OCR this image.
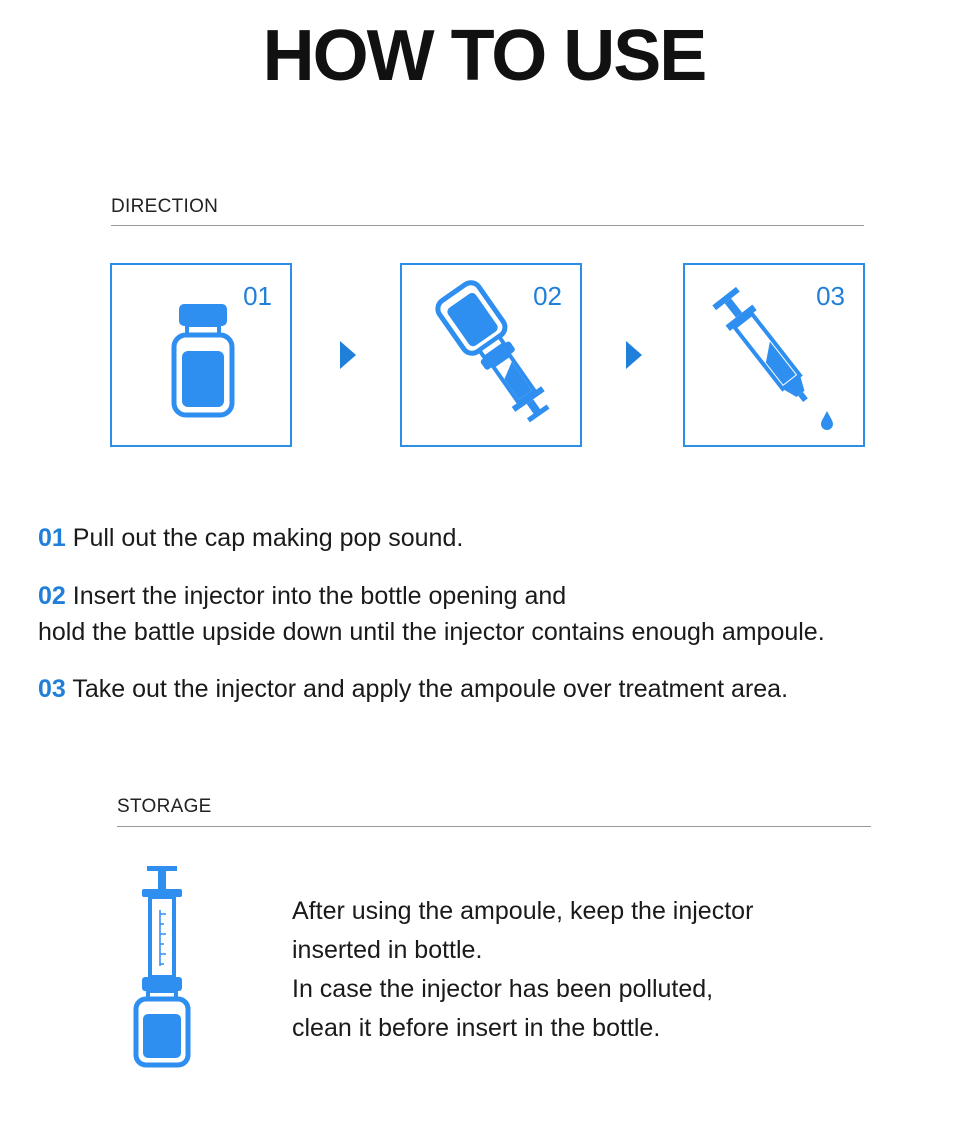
HOW TO USE
DIRECTION
01	02	03
01 Pull out the cap making pop sound.
02 Insert the injector into the bottle opening and
hold the battle upside down until the injector contains enough ampoule.
03 Take out the injector and apply the ampoule over treatment area.
STORAGE
After using the ampoule, keep the injector
inserted in bottle.
In case the injector has been polluted,
clean it before insert in the bottle.
